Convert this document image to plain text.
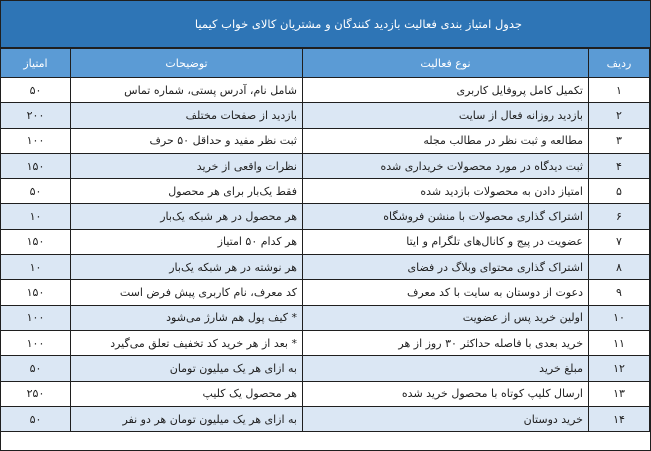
جدول امتیاز بندی فعالیت بازدید کنندگان و مشتریان کالای خواب کیمیا
ردیف	نوع فعالیت	توضیحات	امتیاز
۱	تکمیل کامل پروفایل کاربری	شامل نام، آدرس پستی، شماره تماس	۵۰
۲	بازدید روزانه فعال از سایت	بازدید از صفحات مختلف	۲۰۰
۳	مطالعه و ثبت نظر در مطالب مجله	ثبت نظر مفید و حداقل ۵۰ حرف	۱۰۰
۴	ثبت دیدگاه در مورد محصولات خریداری شده	نظرات واقعی از خرید	۱۵۰
۵	امتیاز دادن به محصولات بازدید شده	فقط یک‌بار برای هر محصول	۵۰
۶	اشتراک گذاری محصولات با منشن فروشگاه	هر محصول در هر شبکه یک‌بار	۱۰
۷	عضویت در پیج و کانال‌های تلگرام و ایتا	هر کدام ۵۰ امتیاز	۱۵۰
۸	اشتراک گذاری محتوای وبلاگ در فضای	هر نوشته در هر شبکه یک‌بار	۱۰
۹	دعوت از دوستان به سایت با کد معرف	کد معرف، نام کاربری پیش فرض است	۱۵۰
۱۰	اولین خرید پس از عضویت	* کیف پول هم شارژ می‌شود	۱۰۰
۱۱	خرید بعدی با فاصله حداکثر ۳۰ روز از هر	* بعد از هر خرید کد تخفیف تعلق می‌گیرد	۱۰۰
۱۲	مبلغ خرید	به ازای هر یک میلیون تومان	۵۰
۱۳	ارسال کلیپ کوتاه با محصول خرید شده	هر محصول یک کلیپ	۲۵۰
۱۴	خرید دوستان	به ازای هر یک میلیون تومان هر دو نفر	۵۰
